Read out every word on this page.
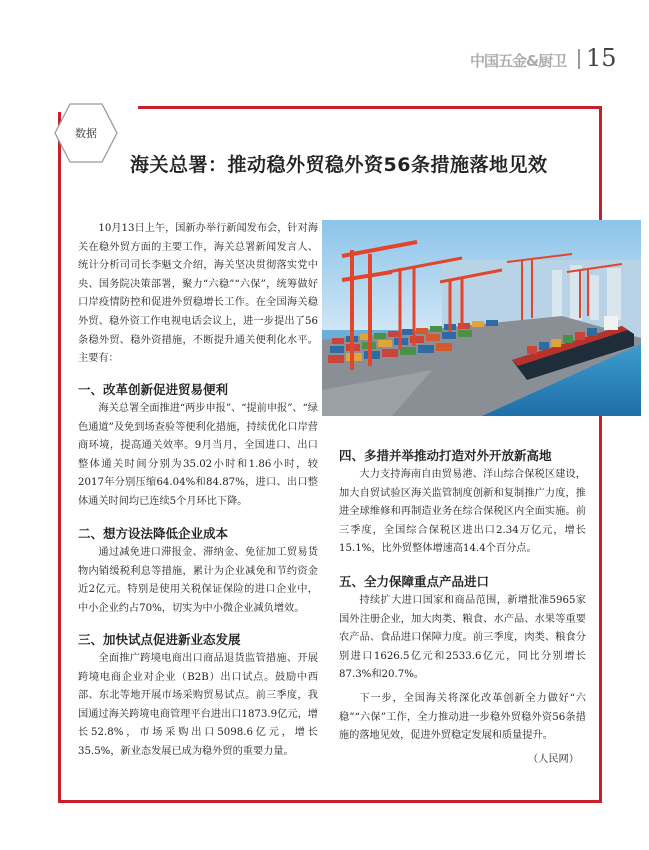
中国五金&厨卫 15
数据
海关总署：推动稳外贸稳外资56条措施落地见效

10月13日上午，国新办举行新闻发布会，针对海关在稳外贸方面的主要工作，海关总署新闻发言人、统计分析司司长李魁文介绍，海关坚决贯彻落实党中央、国务院决策部署，聚力“六稳”“六保”，统筹做好口岸疫情防控和促进外贸稳增长工作。在全国海关稳外贸、稳外资工作电视电话会议上，进一步提出了56条稳外贸、稳外资措施，不断提升通关便利化水平。主要有：

一、改革创新促进贸易便利

海关总署全面推进“两步申报”、“提前申报”、“绿色通道”及免到场查验等便利化措施，持续优化口岸营商环境，提高通关效率。9月当月，全国进口、出口整体通关时间分别为35.02小时和1.86小时，较2017年分别压缩64.04%和84.87%，进口、出口整体通关时间均已连续5个月环比下降。

二、想方设法降低企业成本

通过减免进口滞报金、滞纳金、免征加工贸易货物内销缓税利息等措施，累计为企业减免和节约资金近2亿元。特别是使用关税保证保险的进口企业中，中小企业约占70%，切实为中小微企业减负增效。

三、加快试点促进新业态发展

全面推广跨境电商出口商品退货监管措施、开展跨境电商企业对企业（B2B）出口试点。鼓励中西部、东北等地开展市场采购贸易试点。前三季度，我国通过海关跨境电商管理平台进出口1873.9亿元，增长52.8%，市场采购出口5098.6亿元，增长35.5%，新业态发展已成为稳外贸的重要力量。

四、多措并举推动打造对外开放新高地

大力支持海南自由贸易港、洋山综合保税区建设，加大自贸试验区海关监管制度创新和复制推广力度，推进全球维修和再制造业务在综合保税区内全面实施。前三季度，全国综合保税区进出口2.34万亿元，增长15.1%，比外贸整体增速高14.4个百分点。

五、全力保障重点产品进口

持续扩大进口国家和商品范围，新增批准5965家国外注册企业，加大肉类、粮食、水产品、水果等重要农产品、食品进口保障力度。前三季度，肉类、粮食分别进口1626.5亿元和2533.6亿元，同比分别增长87.3%和20.7%。

下一步，全国海关将深化改革创新全力做好“六稳”“六保”工作，全力推动进一步稳外贸稳外资56条措施的落地见效，促进外贸稳定发展和质量提升。

（人民网）
